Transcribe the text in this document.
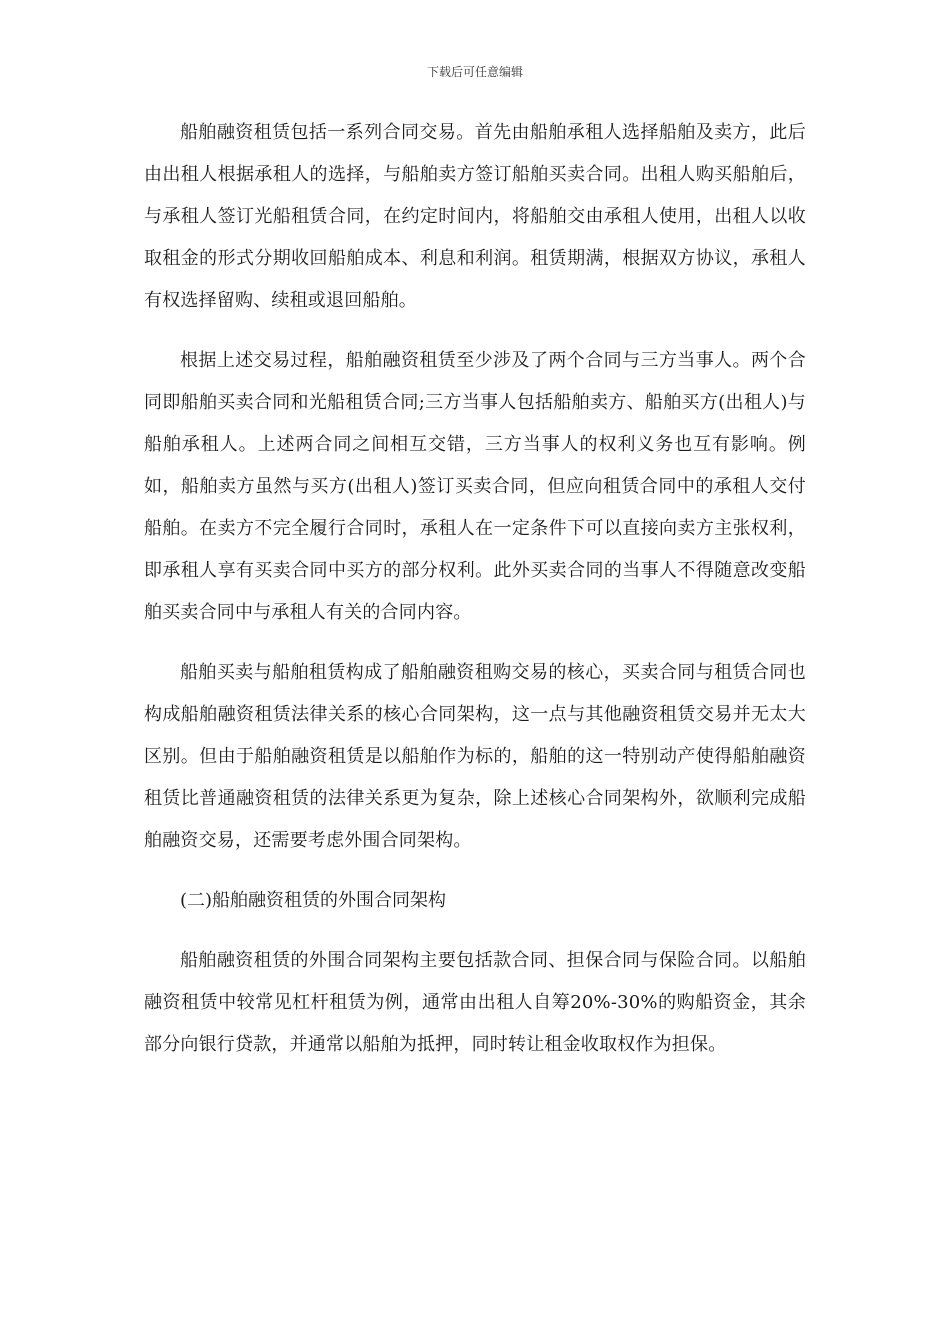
下载后可任意编辑

船舶融资租赁包括一系列合同交易。首先由船舶承租人选择船舶及卖方，此后由出租人根据承租人的选择，与船舶卖方签订船舶买卖合同。出租人购买船舶后，与承租人签订光船租赁合同，在约定时间内，将船舶交由承租人使用，出租人以收取租金的形式分期收回船舶成本、利息和利润。租赁期满，根据双方协议，承租人有权选择留购、续租或退回船舶。

根据上述交易过程，船舶融资租赁至少涉及了两个合同与三方当事人。两个合同即船舶买卖合同和光船租赁合同;三方当事人包括船舶卖方、船舶买方(出租人)与船舶承租人。上述两合同之间相互交错，三方当事人的权利义务也互有影响。例如，船舶卖方虽然与买方(出租人)签订买卖合同，但应向租赁合同中的承租人交付船舶。在卖方不完全履行合同时，承租人在一定条件下可以直接向卖方主张权利，即承租人享有买卖合同中买方的部分权利。此外买卖合同的当事人不得随意改变船舶买卖合同中与承租人有关的合同内容。

船舶买卖与船舶租赁构成了船舶融资租购交易的核心，买卖合同与租赁合同也构成船舶融资租赁法律关系的核心合同架构，这一点与其他融资租赁交易并无太大区别。但由于船舶融资租赁是以船舶作为标的，船舶的这一特别动产使得船舶融资租赁比普通融资租赁的法律关系更为复杂，除上述核心合同架构外，欲顺利完成船舶融资交易，还需要考虑外围合同架构。

(二)船舶融资租赁的外围合同架构

船舶融资租赁的外围合同架构主要包括款合同、担保合同与保险合同。以船舶融资租赁中较常见杠杆租赁为例，通常由出租人自筹20%-30%的购船资金，其余部分向银行贷款，并通常以船舶为抵押，同时转让租金收取权作为担保。
